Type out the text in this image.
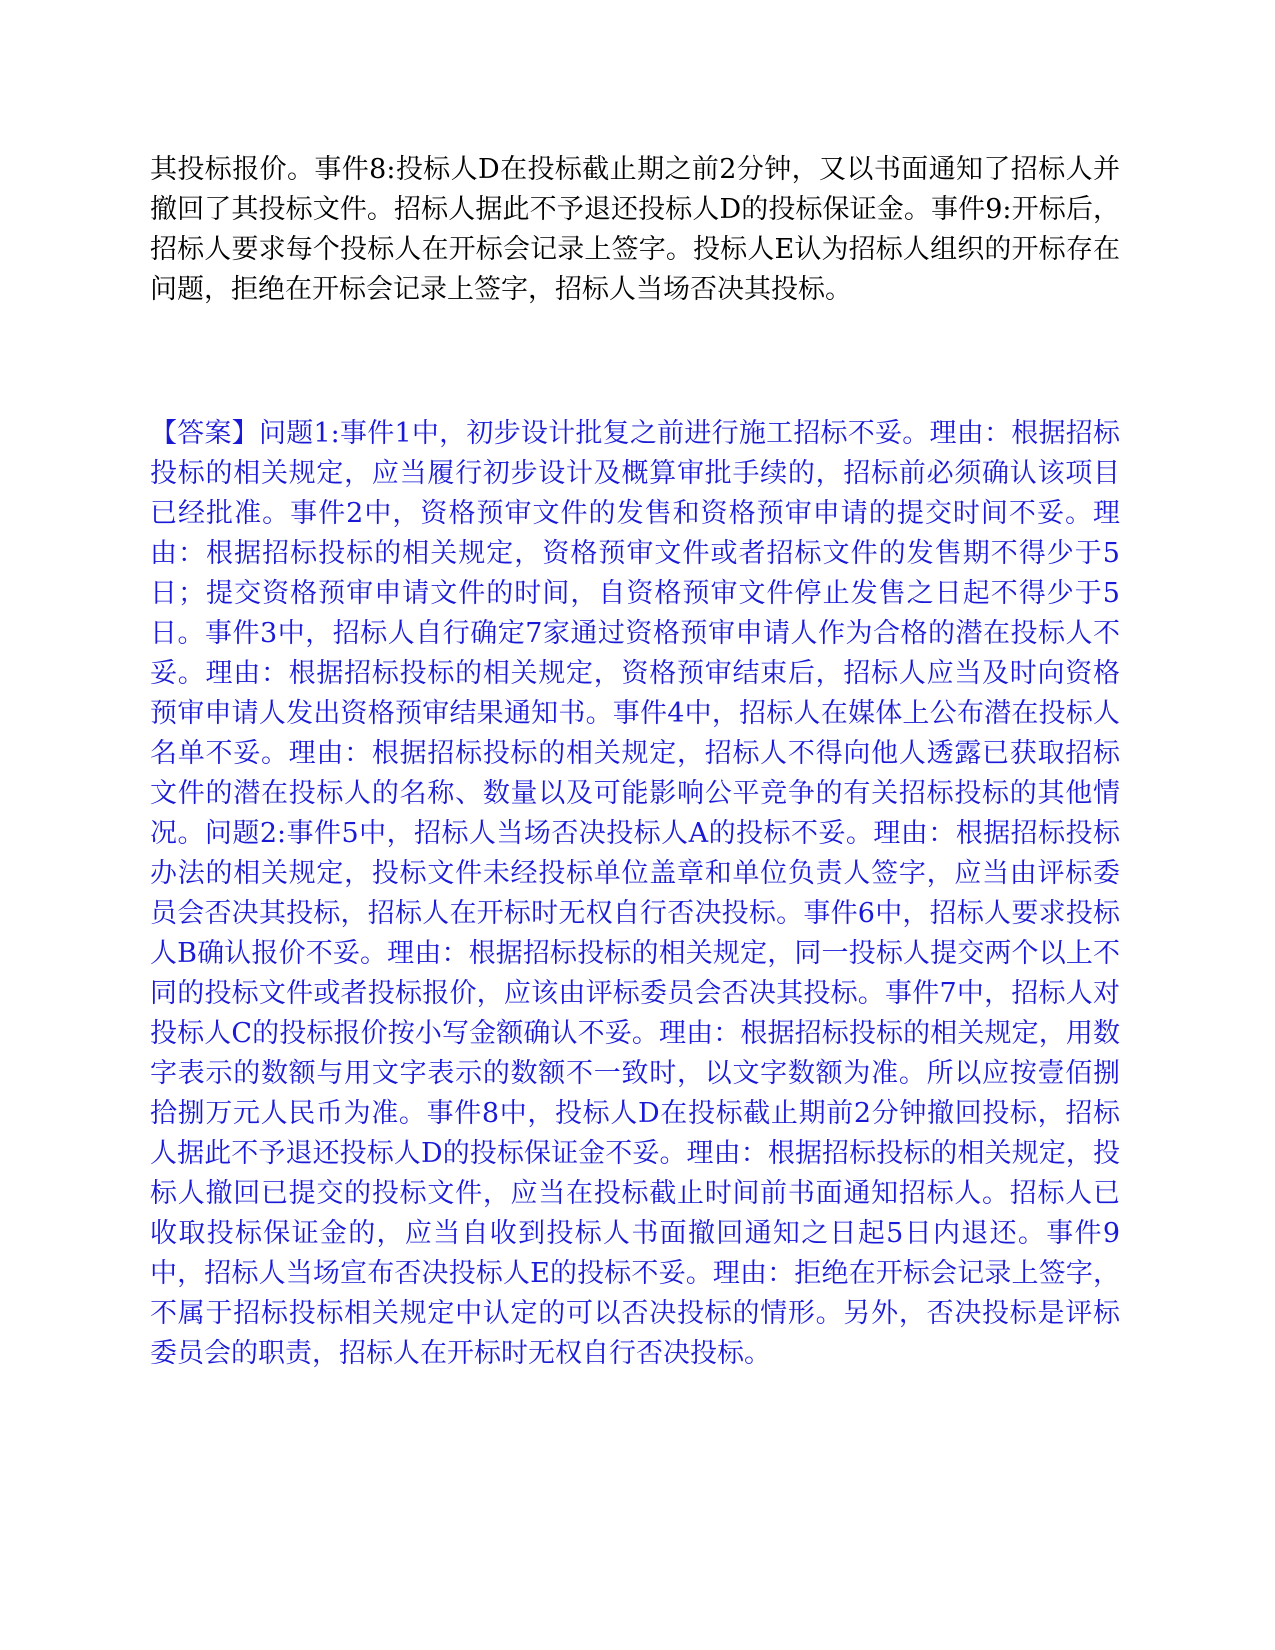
其投标报价。事件8:投标人D在投标截止期之前2分钟，又以书面通知了招标人并撤回了其投标文件。招标人据此不予退还投标人D的投标保证金。事件9:开标后，招标人要求每个投标人在开标会记录上签字。投标人E认为招标人组织的开标存在问题，拒绝在开标会记录上签字，招标人当场否决其投标。

【答案】问题1:事件1中，初步设计批复之前进行施工招标不妥。理由：根据招标投标的相关规定，应当履行初步设计及概算审批手续的，招标前必须确认该项目已经批准。事件2中，资格预审文件的发售和资格预审申请的提交时间不妥。理由：根据招标投标的相关规定，资格预审文件或者招标文件的发售期不得少于5日；提交资格预审申请文件的时间，自资格预审文件停止发售之日起不得少于5日。事件3中，招标人自行确定7家通过资格预审申请人作为合格的潜在投标人不妥。理由：根据招标投标的相关规定，资格预审结束后，招标人应当及时向资格预审申请人发出资格预审结果通知书。事件4中，招标人在媒体上公布潜在投标人名单不妥。理由：根据招标投标的相关规定，招标人不得向他人透露已获取招标文件的潜在投标人的名称、数量以及可能影响公平竞争的有关招标投标的其他情况。问题2:事件5中，招标人当场否决投标人A的投标不妥。理由：根据招标投标办法的相关规定，投标文件未经投标单位盖章和单位负责人签字，应当由评标委员会否决其投标，招标人在开标时无权自行否决投标。事件6中，招标人要求投标人B确认报价不妥。理由：根据招标投标的相关规定，同一投标人提交两个以上不同的投标文件或者投标报价，应该由评标委员会否决其投标。事件7中，招标人对投标人C的投标报价按小写金额确认不妥。理由：根据招标投标的相关规定，用数字表示的数额与用文字表示的数额不一致时，以文字数额为准。所以应按壹佰捌拾捌万元人民币为准。事件8中，投标人D在投标截止期前2分钟撤回投标，招标人据此不予退还投标人D的投标保证金不妥。理由：根据招标投标的相关规定，投标人撤回已提交的投标文件，应当在投标截止时间前书面通知招标人。招标人已收取投标保证金的，应当自收到投标人书面撤回通知之日起5日内退还。事件9中，招标人当场宣布否决投标人E的投标不妥。理由：拒绝在开标会记录上签字，不属于招标投标相关规定中认定的可以否决投标的情形。另外，否决投标是评标委员会的职责，招标人在开标时无权自行否决投标。
